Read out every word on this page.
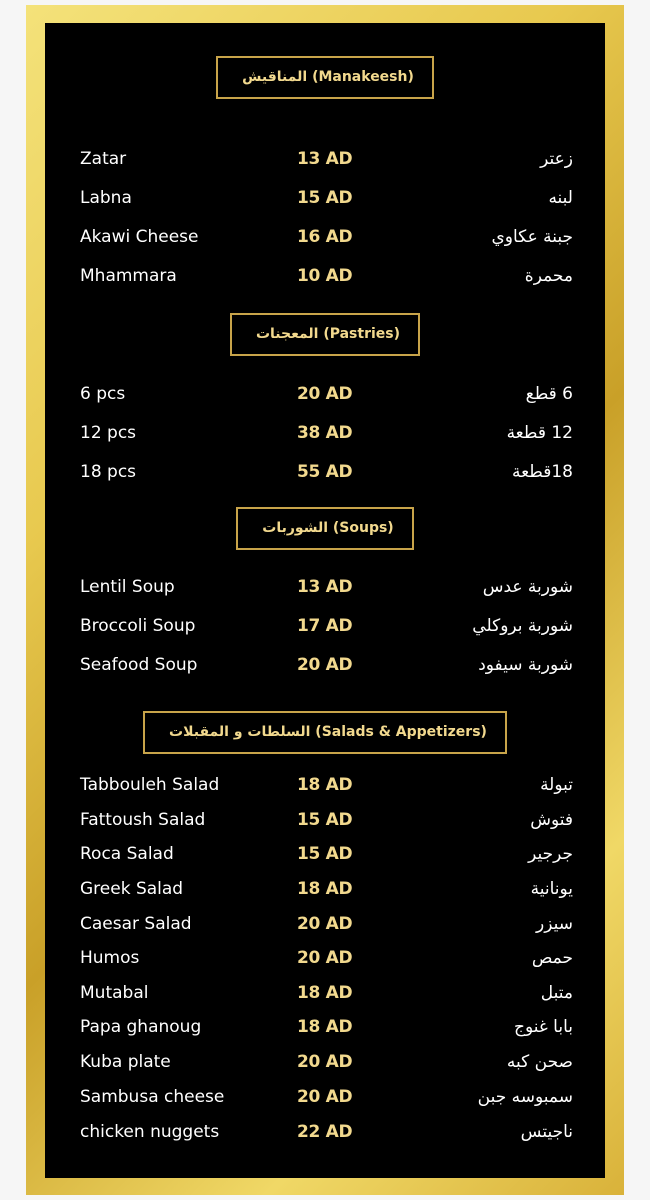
المناقيش (Manakeesh)
Zatar	13 AD	زعتر
Labna	15 AD	لبنه
Akawi Cheese	16 AD	جبنة عكاوي
Mhammara	10 AD	محمرة
المعجنات (Pastries)
6 pcs	20 AD	6 قطع
12 pcs	38 AD	12 قطعة
18 pcs	55 AD	18قطعة
الشوربات (Soups)
Lentil Soup	13 AD	شوربة عدس
Broccoli Soup	17 AD	شوربة بروكلي
Seafood Soup	20 AD	شوربة سيفود
السلطات و المقبلات (Salads & Appetizers)
Tabbouleh Salad	18 AD	تبولة
Fattoush Salad	15 AD	فتوش
Roca Salad	15 AD	جرجير
Greek Salad	18 AD	يونانية
Caesar Salad	20 AD	سيزر
Humos	20 AD	حمص
Mutabal	18 AD	متبل
Papa ghanoug	18 AD	بابا غنوج
Kuba plate	20 AD	صحن كبه
Sambusa cheese	20 AD	سمبوسه جبن
chicken nuggets	22 AD	ناجيتس
